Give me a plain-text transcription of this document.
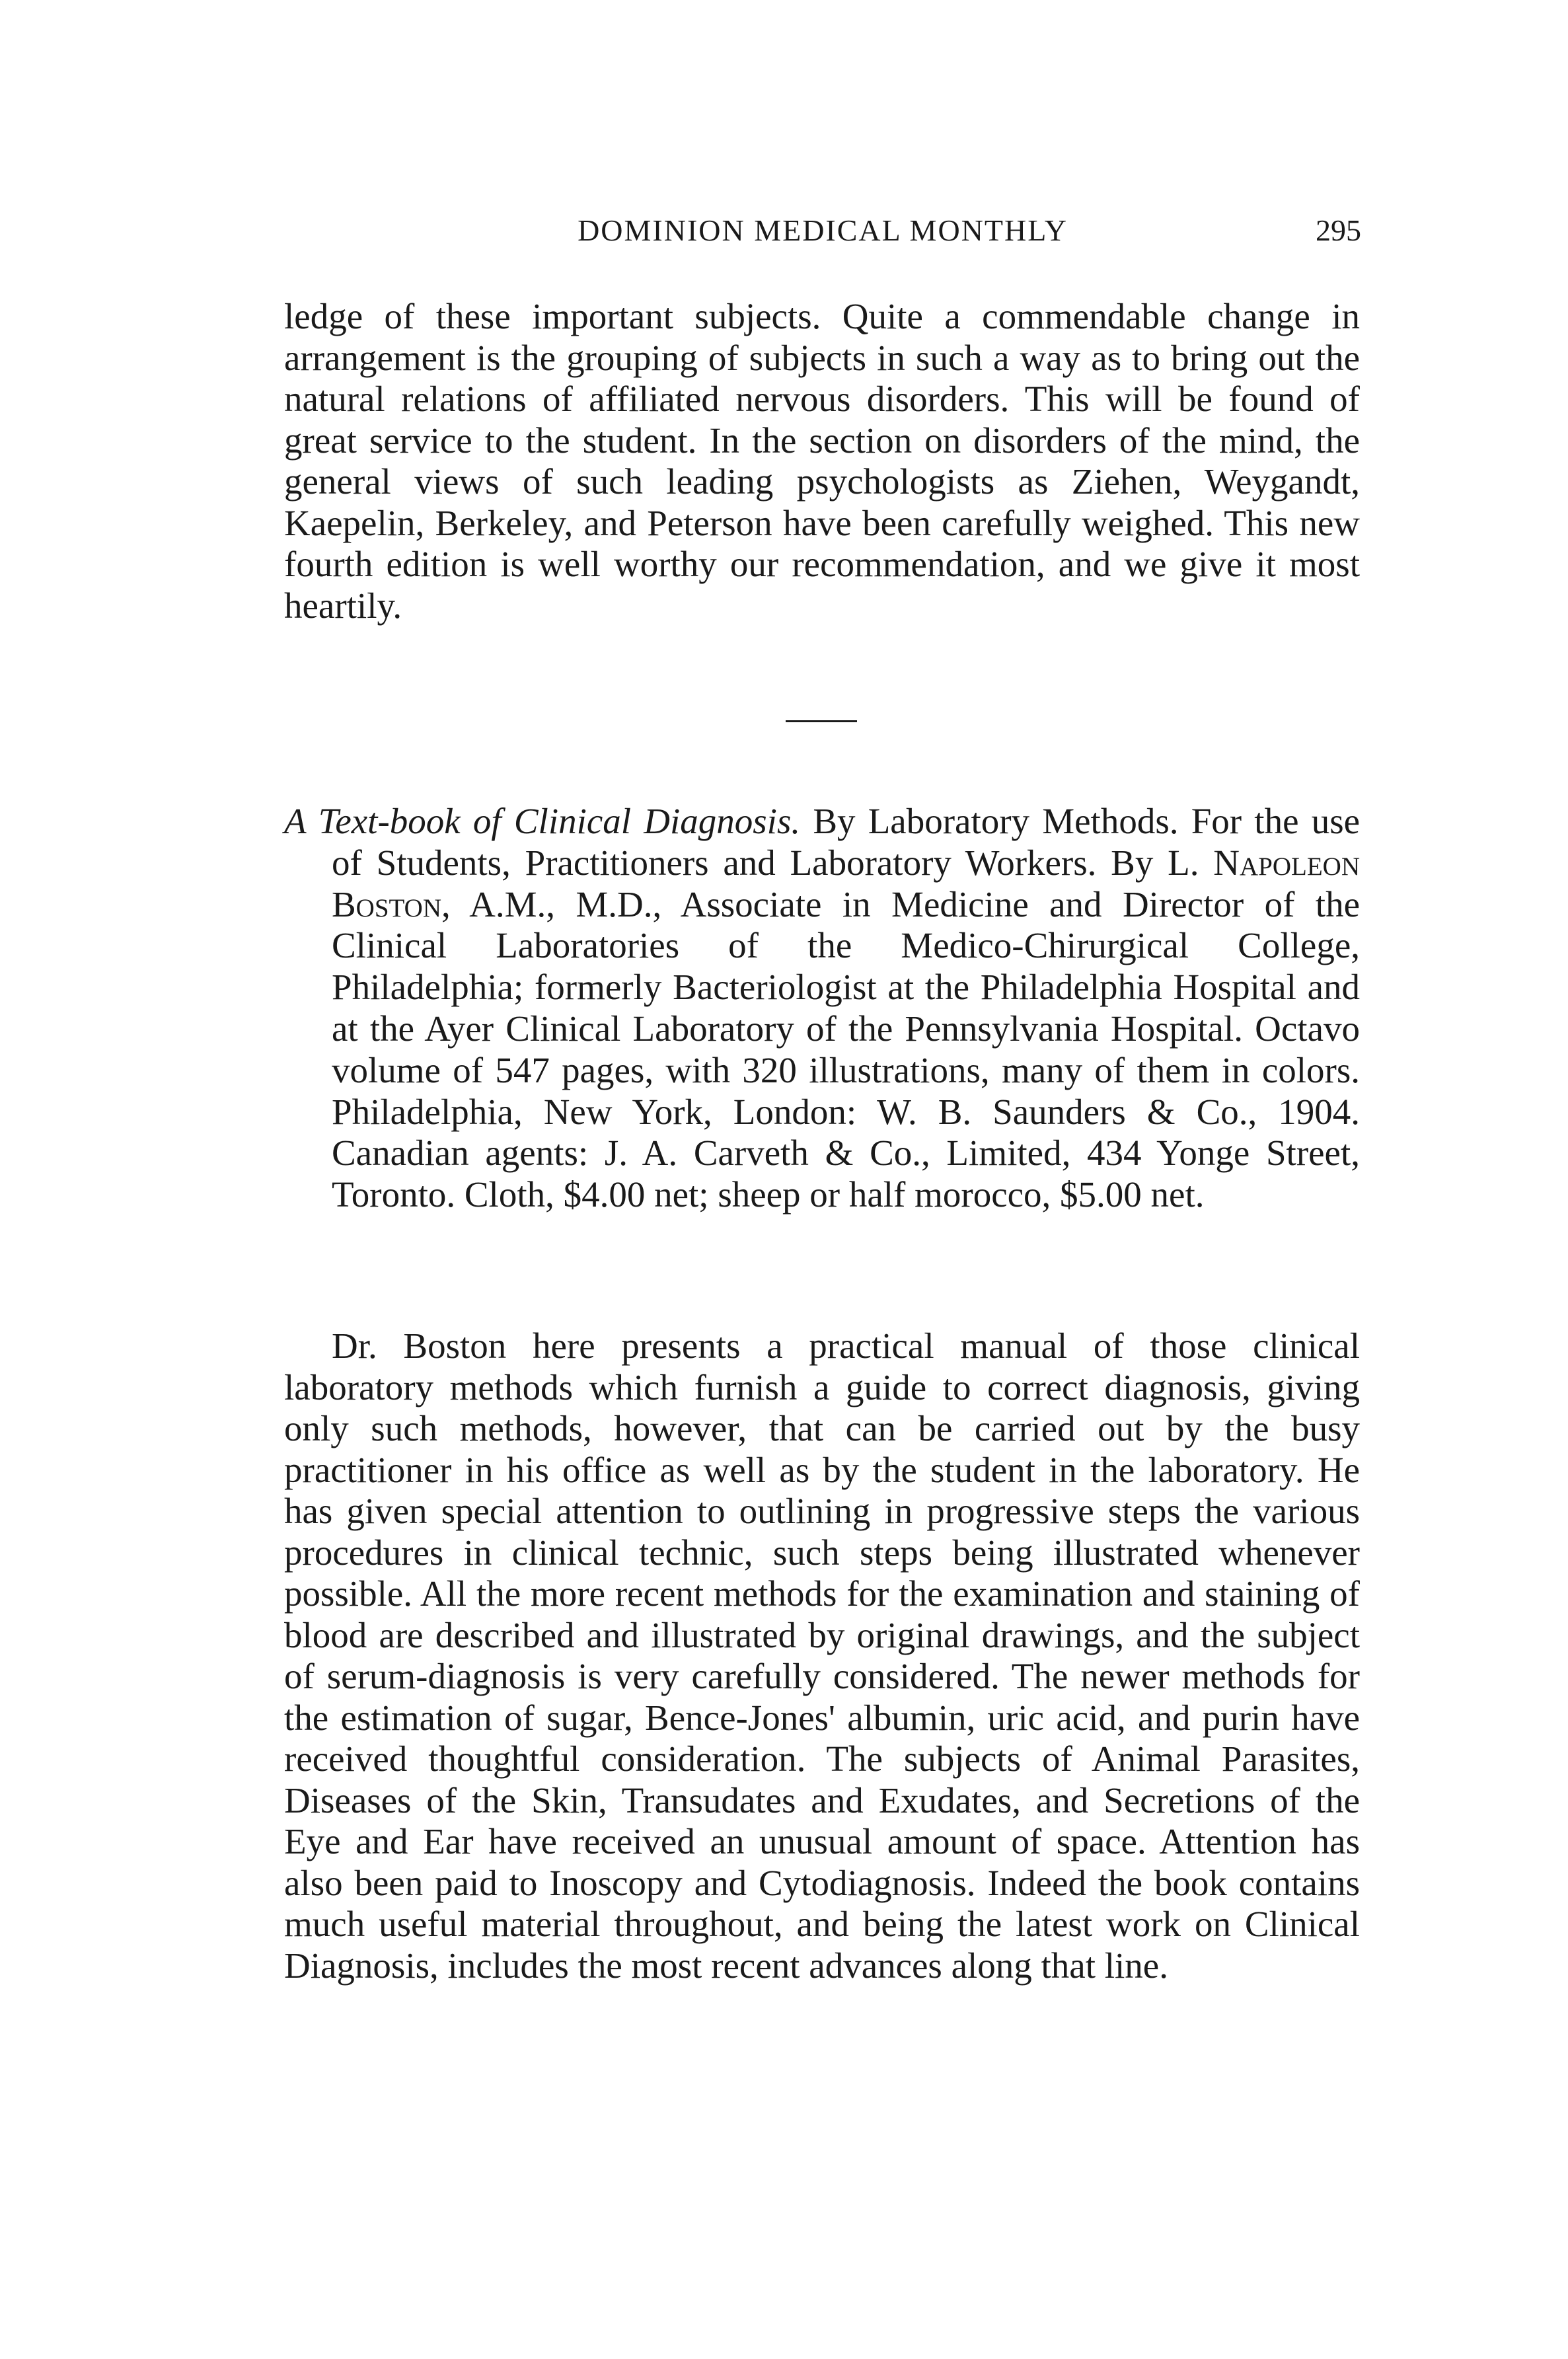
DOMINION MEDICAL MONTHLY	295

ledge of these important subjects. Quite a commendable change in arrangement is the grouping of subjects in such a way as to bring out the natural relations of affiliated nervous disorders. This will be found of great service to the student. In the section on disorders of the mind, the general views of such leading psychologists as Ziehen, Weygandt, Kaepelin, Berkeley, and Peterson have been carefully weighed. This new fourth edition is well worthy our recommendation, and we give it most heartily.

A Text-book of Clinical Diagnosis. By Laboratory Methods. For the use of Students, Practitioners and Laboratory Workers. By L. Napoleon Boston, A.M., M.D., Associate in Medicine and Director of the Clinical Laboratories of the Medico-Chirurgical College, Philadelphia; formerly Bacteriologist at the Philadelphia Hospital and at the Ayer Clinical Laboratory of the Pennsylvania Hospital. Octavo volume of 547 pages, with 320 illustrations, many of them in colors. Philadelphia, New York, London: W. B. Saunders & Co., 1904. Canadian agents: J. A. Carveth & Co., Limited, 434 Yonge Street, Toronto. Cloth, $4.00 net; sheep or half morocco, $5.00 net.

Dr. Boston here presents a practical manual of those clinical laboratory methods which furnish a guide to correct diagnosis, giving only such methods, however, that can be carried out by the busy practitioner in his office as well as by the student in the laboratory. He has given special attention to outlining in progressive steps the various procedures in clinical technic, such steps being illustrated whenever possible. All the more recent methods for the examination and staining of blood are described and illustrated by original drawings, and the subject of serum-diagnosis is very carefully considered. The newer methods for the estimation of sugar, Bence-Jones' albumin, uric acid, and purin have received thoughtful consideration. The subjects of Animal Parasites, Diseases of the Skin, Transudates and Exudates, and Secretions of the Eye and Ear have received an unusual amount of space. Attention has also been paid to Inoscopy and Cytodiagnosis. Indeed the book contains much useful material throughout, and being the latest work on Clinical Diagnosis, includes the most recent advances along that line.
